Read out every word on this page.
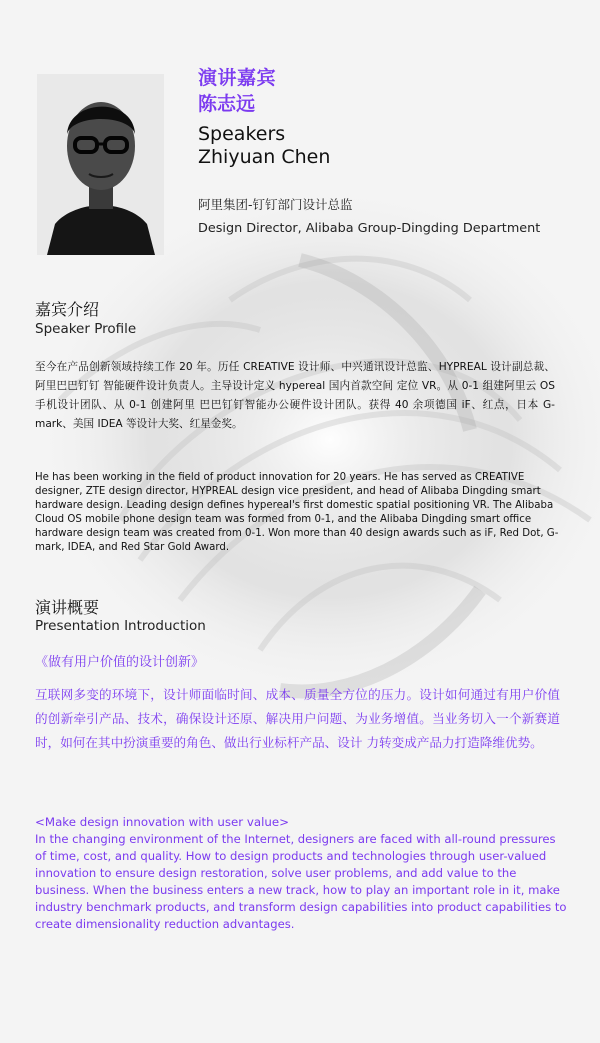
演讲嘉宾
陈志远
Speakers
Zhiyuan Chen
阿里集团-钉钉部门设计总监
Design Director, Alibaba Group-Dingding Department
嘉宾介绍
Speaker Profile
至今在产品创新领域持续工作 20 年。历任 CREATIVE 设计师、中兴通讯设计总监、HYPREAL 设计副总裁、阿里巴巴钉钉 智能硬件设计负责人。主导设计定义 hypereal 国内首款空间 定位 VR。从 0-1 组建阿里云 OS 手机设计团队、从 0-1 创建阿里 巴巴钉钉智能办公硬件设计团队。获得 40 余项德国 iF、红点，日本 G-mark、美国 IDEA 等设计大奖、红星金奖。
He has been working in the field of product innovation for 20 years. He has served as CREATIVE designer, ZTE design director, HYPREAL design vice president, and head of Alibaba Dingding smart hardware design. Leading design defines hypereal's first domestic spatial positioning VR. The Alibaba Cloud OS mobile phone design team was formed from 0-1, and the Alibaba Dingding smart office hardware design team was created from 0-1. Won more than 40 design awards such as iF, Red Dot, G-mark, IDEA, and Red Star Gold Award.
演讲概要
Presentation Introduction
《做有用户价值的设计创新》
互联网多变的环境下，设计师面临时间、成本、质量全方位的压力。设计如何通过有用户价值的创新牵引产品、技术，确保设计还原、解决用户问题、为业务增值。当业务切入一个新赛道时，如何在其中扮演重要的角色、做出行业标杆产品、设计 力转变成产品力打造降维优势。
<Make design innovation with user value>
In the changing environment of the Internet, designers are faced with all-round pressures of time, cost, and quality. How to design products and technologies through user-valued innovation to ensure design restoration, solve user problems, and add value to the business. When the business enters a new track, how to play an important role in it, make industry benchmark products, and transform design capabilities into product capabilities to create dimensionality reduction advantages.
